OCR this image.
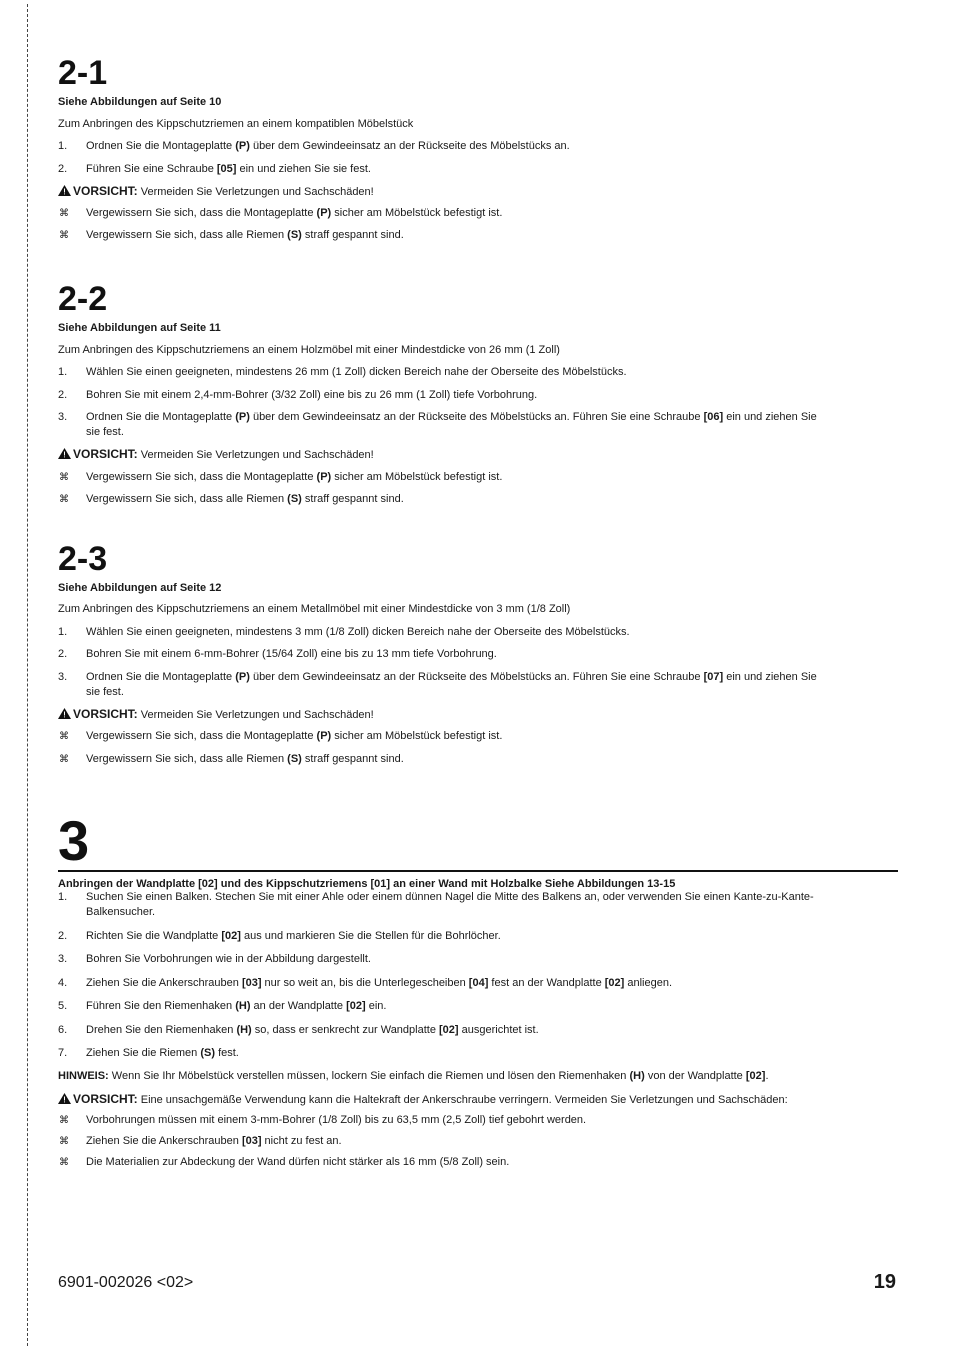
2-1
Siehe Abbildungen auf Seite 10
Zum Anbringen des Kippschutzriemen an einem kompatiblen Möbelstück
1. Ordnen Sie die Montageplatte (P) über dem Gewindeeinsatz an der Rückseite des Möbelstücks an.
2. Führen Sie eine Schraube [05] ein und ziehen Sie sie fest.
VORSICHT: Vermeiden Sie Verletzungen und Sachschäden!
⌘ Vergewissern Sie sich, dass die Montageplatte (P) sicher am Möbelstück befestigt ist.
⌘ Vergewissern Sie sich, dass alle Riemen (S) straff gespannt sind.
2-2
Siehe Abbildungen auf Seite 11
Zum Anbringen des Kippschutzriemens an einem Holzmöbel mit einer Mindestdicke von 26 mm (1 Zoll)
1. Wählen Sie einen geeigneten, mindestens 26 mm (1 Zoll) dicken Bereich nahe der Oberseite des Möbelstücks.
2. Bohren Sie mit einem 2,4-mm-Bohrer (3/32 Zoll) eine bis zu 26 mm (1 Zoll) tiefe Vorbohrung.
3. Ordnen Sie die Montageplatte (P) über dem Gewindeeinsatz an der Rückseite des Möbelstücks an. Führen Sie eine Schraube [06] ein und ziehen Sie sie fest.
VORSICHT: Vermeiden Sie Verletzungen und Sachschäden!
⌘ Vergewissern Sie sich, dass die Montageplatte (P) sicher am Möbelstück befestigt ist.
⌘ Vergewissern Sie sich, dass alle Riemen (S) straff gespannt sind.
2-3
Siehe Abbildungen auf Seite 12
Zum Anbringen des Kippschutzriemens an einem Metallmöbel mit einer Mindestdicke von 3 mm (1/8 Zoll)
1. Wählen Sie einen geeigneten, mindestens 3 mm (1/8 Zoll) dicken Bereich nahe der Oberseite des Möbelstücks.
2. Bohren Sie mit einem 6-mm-Bohrer (15/64 Zoll) eine bis zu 13 mm tiefe Vorbohrung.
3. Ordnen Sie die Montageplatte (P) über dem Gewindeeinsatz an der Rückseite des Möbelstücks an. Führen Sie eine Schraube [07] ein und ziehen Sie sie fest.
VORSICHT: Vermeiden Sie Verletzungen und Sachschäden!
⌘ Vergewissern Sie sich, dass die Montageplatte (P) sicher am Möbelstück befestigt ist.
⌘ Vergewissern Sie sich, dass alle Riemen (S) straff gespannt sind.
3
Anbringen der Wandplatte [02] und des Kippschutzriemens [01] an einer Wand mit Holzbalke Siehe Abbildungen 13-15
1. Suchen Sie einen Balken. Stechen Sie mit einer Ahle oder einem dünnen Nagel die Mitte des Balkens an, oder verwenden Sie einen Kante-zu-Kante-Balkensucher.
2. Richten Sie die Wandplatte [02] aus und markieren Sie die Stellen für die Bohrlöcher.
3. Bohren Sie Vorbohrungen wie in der Abbildung dargestellt.
4. Ziehen Sie die Ankerschrauben [03] nur so weit an, bis die Unterlegescheiben [04] fest an der Wandplatte [02] anliegen.
5. Führen Sie den Riemenhaken (H) an der Wandplatte [02] ein.
6. Drehen Sie den Riemenhaken (H) so, dass er senkrecht zur Wandplatte [02] ausgerichtet ist.
7. Ziehen Sie die Riemen (S) fest.
HINWEIS: Wenn Sie Ihr Möbelstück verstellen müssen, lockern Sie einfach die Riemen und lösen den Riemenhaken (H) von der Wandplatte [02].
VORSICHT: Eine unsachgemäße Verwendung kann die Haltekraft der Ankerschraube verringern. Vermeiden Sie Verletzungen und Sachschäden:
⌘ Vorbohrungen müssen mit einem 3-mm-Bohrer (1/8 Zoll) bis zu 63,5 mm (2,5 Zoll) tief gebohrt werden.
⌘ Ziehen Sie die Ankerschrauben [03] nicht zu fest an.
⌘ Die Materialien zur Abdeckung der Wand dürfen nicht stärker als 16 mm (5/8 Zoll) sein.
6901-002026 <02>	19
